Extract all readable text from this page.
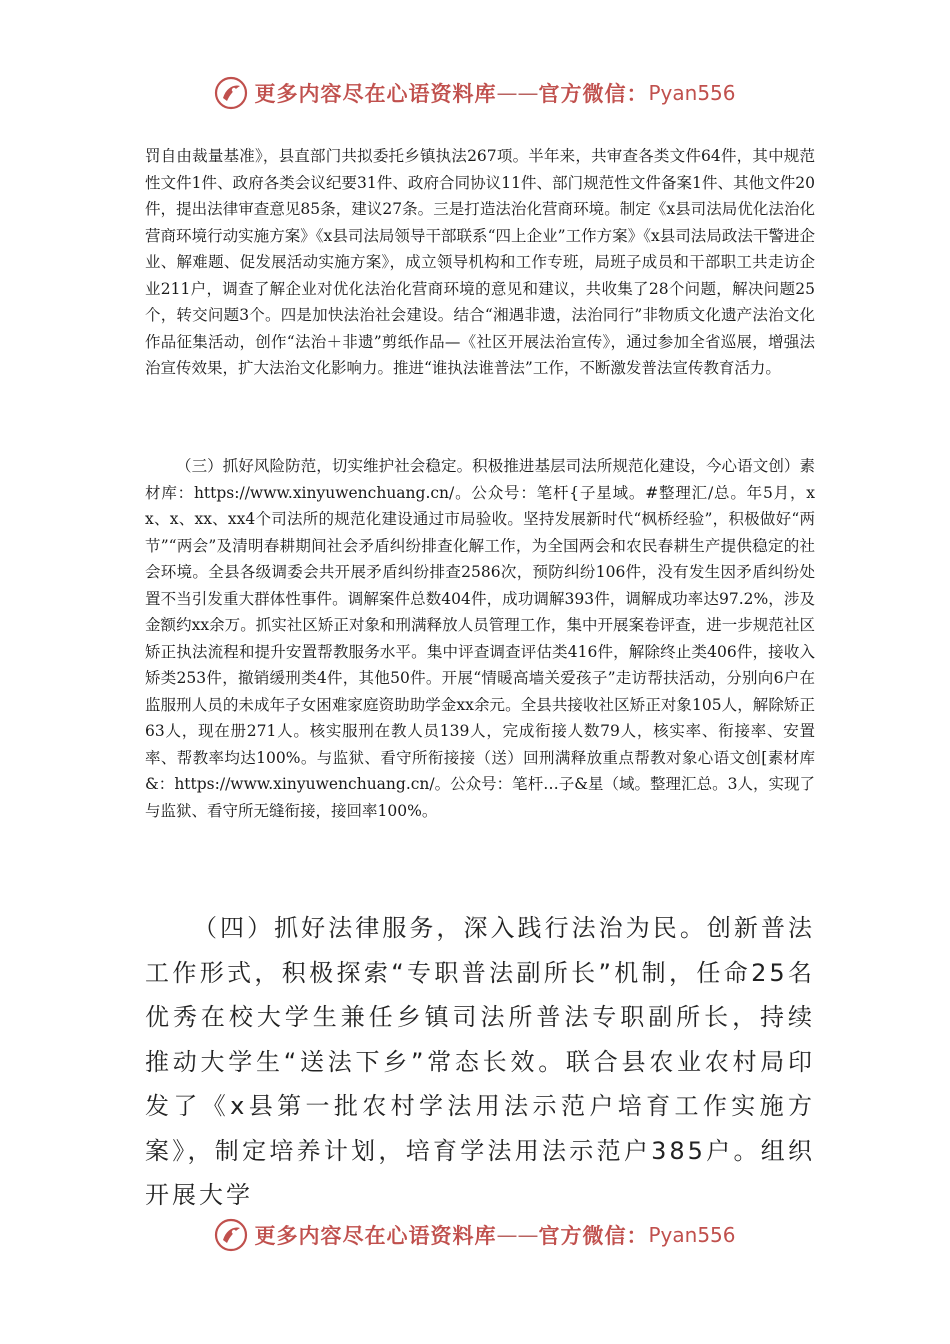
更多内容尽在心语资料库 —— 官方微信： Pyan556
罚自由裁量基准》，县直部门共拟委托乡镇执法267项。半年来，共审查各类文件64件，其中规范性文件1件、政府各类会议纪要31件、政府合同协议11件、部门规范性文件备案1件、其他文件20件，提出法律审查意见85条，建议27条。三是打造法治化营商环境。制定《x县司法局优化法治化营商环境行动实施方案》《x县司法局领导干部联系“四上企业”工作方案》《x县司法局政法干警进企业、解难题、促发展活动实施方案》，成立领导机构和工作专班，局班子成员和干部职工共走访企业211户，调查了解企业对优化法治化营商环境的意见和建议，共收集了28个问题，解决问题25个，转交问题3个。四是加快法治社会建设。结合“湘遇非遗，法治同行”非物质文化遗产法治文化作品征集活动，创作“法治＋非遗”剪纸作品—《社区开展法治宣传》，通过参加全省巡展，增强法治宣传效果，扩大法治文化影响力。推进“谁执法谁普法”工作，不断激发普法宣传教育活力。
（三）抓好风险防范，切实维护社会稳定。积极推进基层司法所规范化建设，今心语文创）素材库：https://www.xinyuwenchuang.cn/。公众号：笔杆{子星域。#整理汇/总。年5月，xx、x、xx、xx4个司法所的规范化建设通过市局验收。坚持发展新时代“枫桥经验”，积极做好“两节”“两会”及清明春耕期间社会矛盾纠纷排查化解工作，为全国两会和农民春耕生产提供稳定的社会环境。全县各级调委会共开展矛盾纠纷排查2586次，预防纠纷106件，没有发生因矛盾纠纷处置不当引发重大群体性事件。调解案件总数404件，成功调解393件，调解成功率达97.2%，涉及金额约xx余万。抓实社区矫正对象和刑满释放人员管理工作，集中开展案卷评查，进一步规范社区矫正执法流程和提升安置帮教服务水平。集中评查调查评估类416件，解除终止类406件，接收入矫类253件，撤销缓刑类4件，其他50件。开展“情暖高墙关爱孩子”走访帮扶活动，分别向6户在监服刑人员的未成年子女困难家庭资助助学金xx余元。全县共接收社区矫正对象105人，解除矫正63人，现在册271人。核实服刑在教人员139人，完成衔接人数79人，核实率、衔接率、安置率、帮教率均达100%。与监狱、看守所衔接接（送）回刑满释放重点帮教对象心语文创[素材库&：https://www.xinyuwenchuang.cn/。公众号：笔杆…子&星（域。整理汇总。3人，实现了与监狱、看守所无缝衔接，接回率100%。
（四）抓好法律服务，深入践行法治为民。创新普法工作形式，积极探索“专职普法副所长”机制，任命25名优秀在校大学生兼任乡镇司法所普法专职副所长，持续推动大学生“送法下乡”常态长效。联合县农业农村局印发了《x县第一批农村学法用法示范户培育工作实施方案》，制定培养计划，培育学法用法示范户385户。组织开展大学
更多内容尽在心语资料库 —— 官方微信： Pyan556
